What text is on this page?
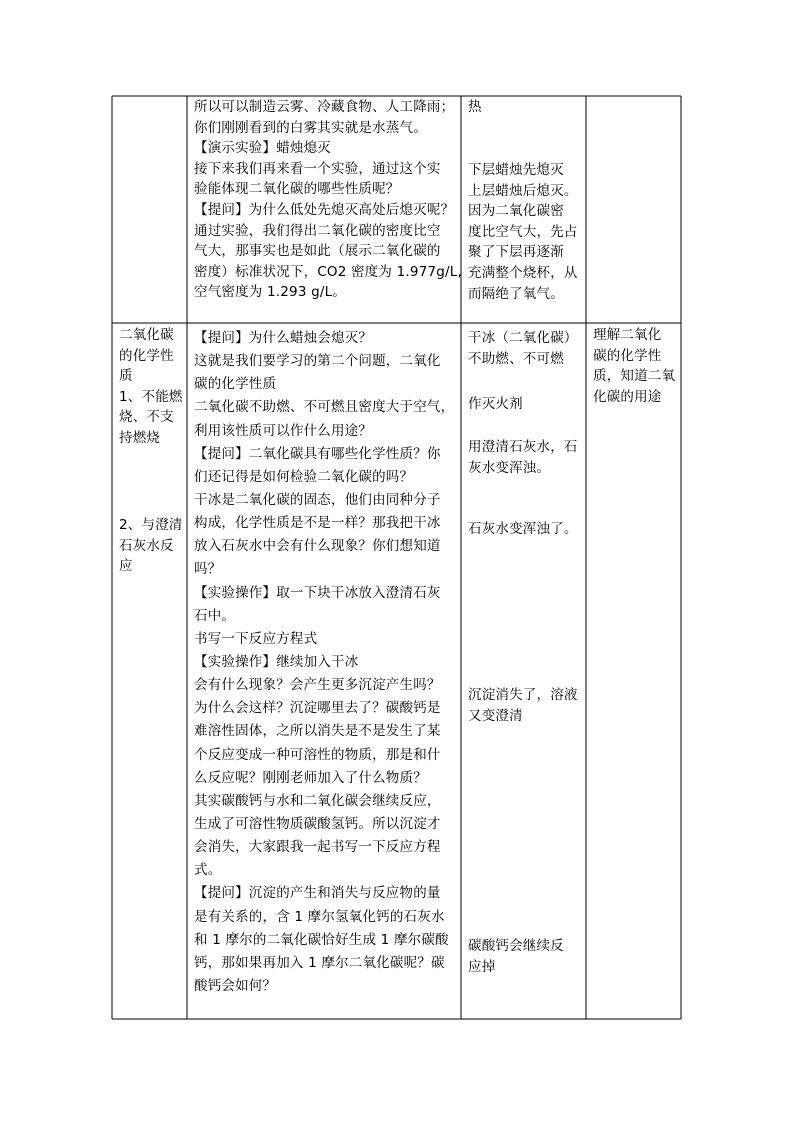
所以可以制造云雾、冷藏食物、人工降雨；

你们刚刚看到的白雾其实就是水蒸气。

【演示实验】蜡烛熄灭

接下来我们再来看一个实验，通过这个实

验能体现二氧化碳的哪些性质呢？

【提问】为什么低处先熄灭高处后熄灭呢？

通过实验，我们得出二氧化碳的密度比空

气大，那事实也是如此（展示二氧化碳的

密度）标准状况下，CO2 密度为 1.977g/L,

空气密度为 1.293 g/L。

热

下层蜡烛先熄灭

上层蜡烛后熄灭。

因为二氧化碳密

度比空气大，先占

聚了下层再逐渐

充满整个烧杯，从

而隔绝了氧气。

二氧化碳

的化学性

质

1、不能燃

烧、不支

持燃烧

2、与澄清

石灰水反

应

【提问】为什么蜡烛会熄灭？

这就是我们要学习的第二个问题，二氧化

碳的化学性质

二氧化碳不助燃、不可燃且密度大于空气，

利用该性质可以作什么用途？

【提问】二氧化碳具有哪些化学性质？你

们还记得是如何检验二氧化碳的吗？

干冰是二氧化碳的固态，他们由同种分子

构成，化学性质是不是一样？那我把干冰

放入石灰水中会有什么现象？你们想知道

吗？

【实验操作】取一下块干冰放入澄清石灰

石中。

书写一下反应方程式

【实验操作】继续加入干冰

会有什么现象？会产生更多沉淀产生吗？

为什么会这样？沉淀哪里去了？碳酸钙是

难溶性固体，之所以消失是不是发生了某

个反应变成一种可溶性的物质，那是和什

么反应呢？刚刚老师加入了什么物质？

其实碳酸钙与水和二氧化碳会继续反应，

生成了可溶性物质碳酸氢钙。所以沉淀才

会消失，大家跟我一起书写一下反应方程

式。

【提问】沉淀的产生和消失与反应物的量

是有关系的，含 1 摩尔氢氧化钙的石灰水

和 1 摩尔的二氧化碳恰好生成 1 摩尔碳酸

钙，那如果再加入 1 摩尔二氧化碳呢？碳

酸钙会如何？

干冰（二氧化碳）

不助燃、不可燃

作灭火剂

用澄清石灰水，石

灰水变浑浊。

石灰水变浑浊了。

沉淀消失了，溶液

又变澄清

碳酸钙会继续反

应掉

理解二氧化

碳的化学性

质，知道二氧

化碳的用途
